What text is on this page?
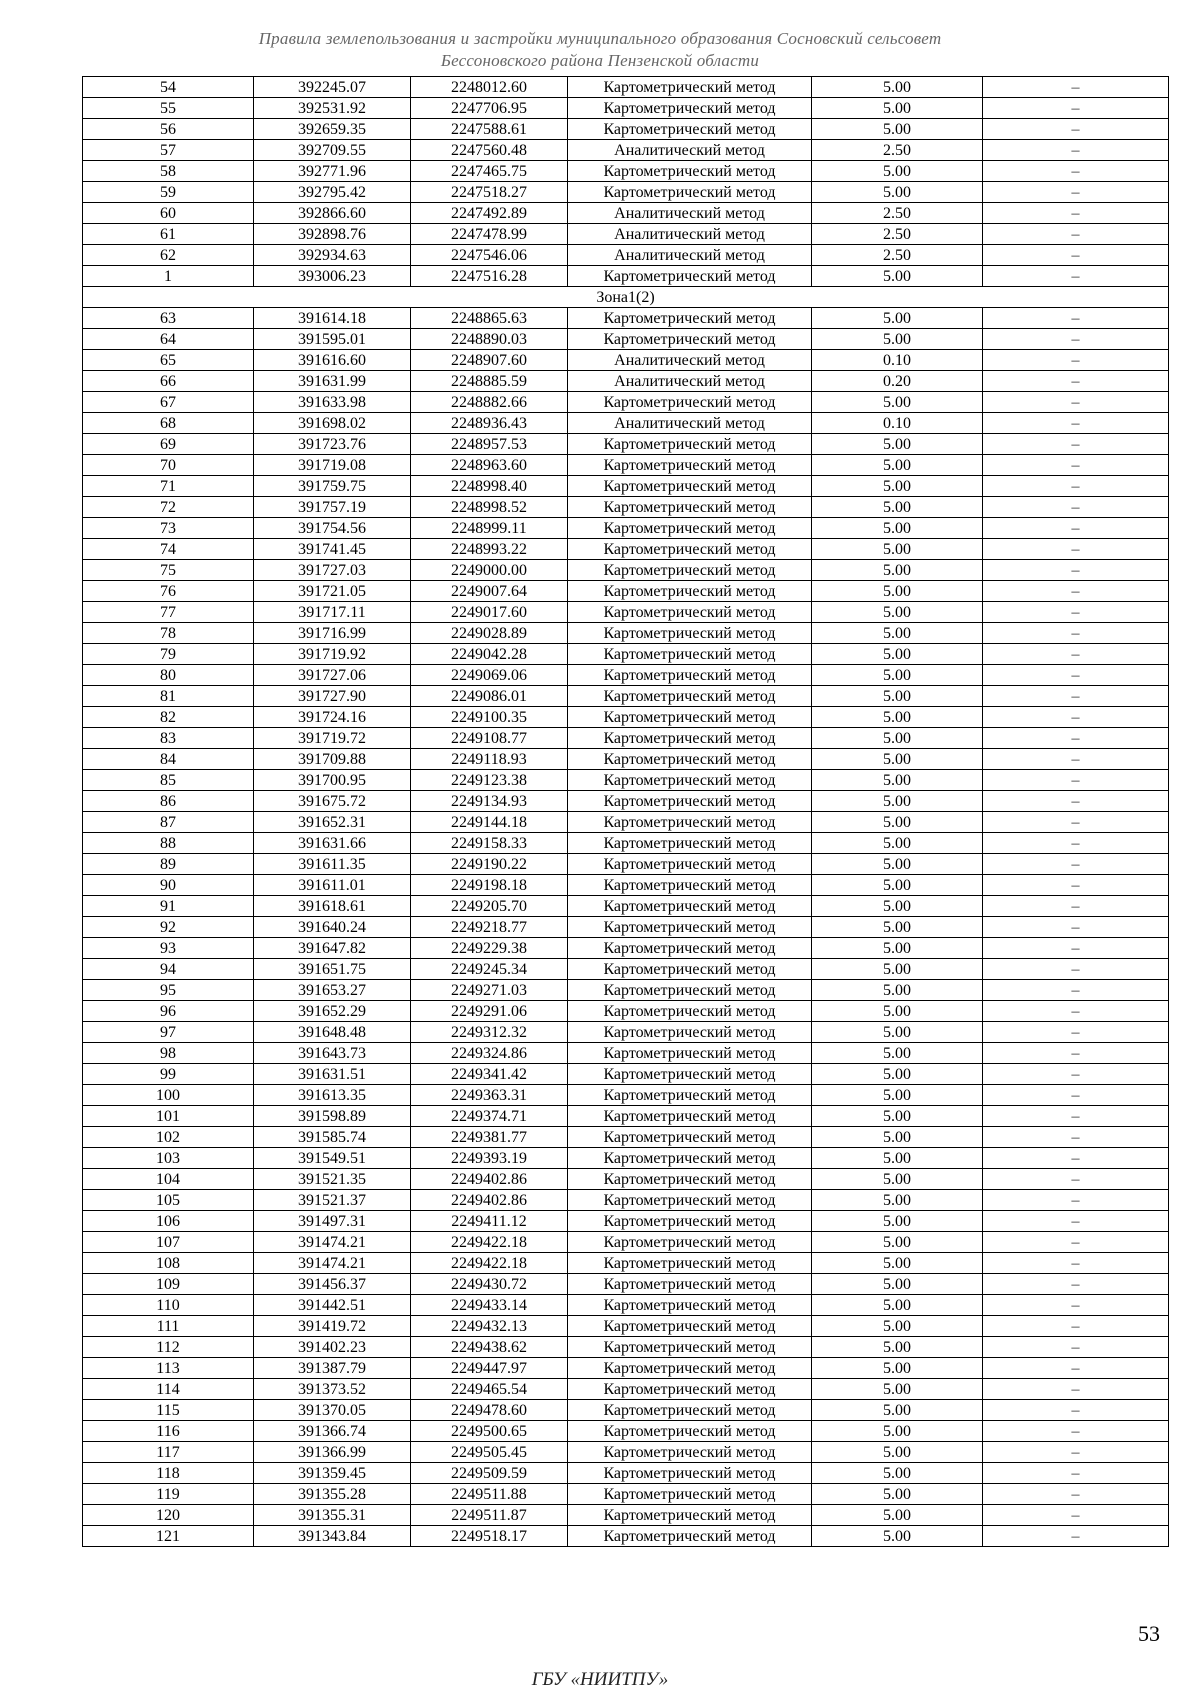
Правила землепользования и застройки муниципального образования Сосновский сельсовет
Бессоновского района Пензенской области
54	392245.07	2248012.60	Картометрический метод	5.00	–
55	392531.92	2247706.95	Картометрический метод	5.00	–
56	392659.35	2247588.61	Картометрический метод	5.00	–
57	392709.55	2247560.48	Аналитический метод	2.50	–
58	392771.96	2247465.75	Картометрический метод	5.00	–
59	392795.42	2247518.27	Картометрический метод	5.00	–
60	392866.60	2247492.89	Аналитический метод	2.50	–
61	392898.76	2247478.99	Аналитический метод	2.50	–
62	392934.63	2247546.06	Аналитический метод	2.50	–
1	393006.23	2247516.28	Картометрический метод	5.00	–
Зона1(2)					
63	391614.18	2248865.63	Картометрический метод	5.00	–
64	391595.01	2248890.03	Картометрический метод	5.00	–
65	391616.60	2248907.60	Аналитический метод	0.10	–
66	391631.99	2248885.59	Аналитический метод	0.20	–
67	391633.98	2248882.66	Картометрический метод	5.00	–
68	391698.02	2248936.43	Аналитический метод	0.10	–
69	391723.76	2248957.53	Картометрический метод	5.00	–
70	391719.08	2248963.60	Картометрический метод	5.00	–
71	391759.75	2248998.40	Картометрический метод	5.00	–
72	391757.19	2248998.52	Картометрический метод	5.00	–
73	391754.56	2248999.11	Картометрический метод	5.00	–
74	391741.45	2248993.22	Картометрический метод	5.00	–
75	391727.03	2249000.00	Картометрический метод	5.00	–
76	391721.05	2249007.64	Картометрический метод	5.00	–
77	391717.11	2249017.60	Картометрический метод	5.00	–
78	391716.99	2249028.89	Картометрический метод	5.00	–
79	391719.92	2249042.28	Картометрический метод	5.00	–
80	391727.06	2249069.06	Картометрический метод	5.00	–
81	391727.90	2249086.01	Картометрический метод	5.00	–
82	391724.16	2249100.35	Картометрический метод	5.00	–
83	391719.72	2249108.77	Картометрический метод	5.00	–
84	391709.88	2249118.93	Картометрический метод	5.00	–
85	391700.95	2249123.38	Картометрический метод	5.00	–
86	391675.72	2249134.93	Картометрический метод	5.00	–
87	391652.31	2249144.18	Картометрический метод	5.00	–
88	391631.66	2249158.33	Картометрический метод	5.00	–
89	391611.35	2249190.22	Картометрический метод	5.00	–
90	391611.01	2249198.18	Картометрический метод	5.00	–
91	391618.61	2249205.70	Картометрический метод	5.00	–
92	391640.24	2249218.77	Картометрический метод	5.00	–
93	391647.82	2249229.38	Картометрический метод	5.00	–
94	391651.75	2249245.34	Картометрический метод	5.00	–
95	391653.27	2249271.03	Картометрический метод	5.00	–
96	391652.29	2249291.06	Картометрический метод	5.00	–
97	391648.48	2249312.32	Картометрический метод	5.00	–
98	391643.73	2249324.86	Картометрический метод	5.00	–
99	391631.51	2249341.42	Картометрический метод	5.00	–
100	391613.35	2249363.31	Картометрический метод	5.00	–
101	391598.89	2249374.71	Картометрический метод	5.00	–
102	391585.74	2249381.77	Картометрический метод	5.00	–
103	391549.51	2249393.19	Картометрический метод	5.00	–
104	391521.35	2249402.86	Картометрический метод	5.00	–
105	391521.37	2249402.86	Картометрический метод	5.00	–
106	391497.31	2249411.12	Картометрический метод	5.00	–
107	391474.21	2249422.18	Картометрический метод	5.00	–
108	391474.21	2249422.18	Картометрический метод	5.00	–
109	391456.37	2249430.72	Картометрический метод	5.00	–
110	391442.51	2249433.14	Картометрический метод	5.00	–
111	391419.72	2249432.13	Картометрический метод	5.00	–
112	391402.23	2249438.62	Картометрический метод	5.00	–
113	391387.79	2249447.97	Картометрический метод	5.00	–
114	391373.52	2249465.54	Картометрический метод	5.00	–
115	391370.05	2249478.60	Картометрический метод	5.00	–
116	391366.74	2249500.65	Картометрический метод	5.00	–
117	391366.99	2249505.45	Картометрический метод	5.00	–
118	391359.45	2249509.59	Картометрический метод	5.00	–
119	391355.28	2249511.88	Картометрический метод	5.00	–
120	391355.31	2249511.87	Картометрический метод	5.00	–
121	391343.84	2249518.17	Картометрический метод	5.00	–
53
ГБУ «НИИТПУ»
